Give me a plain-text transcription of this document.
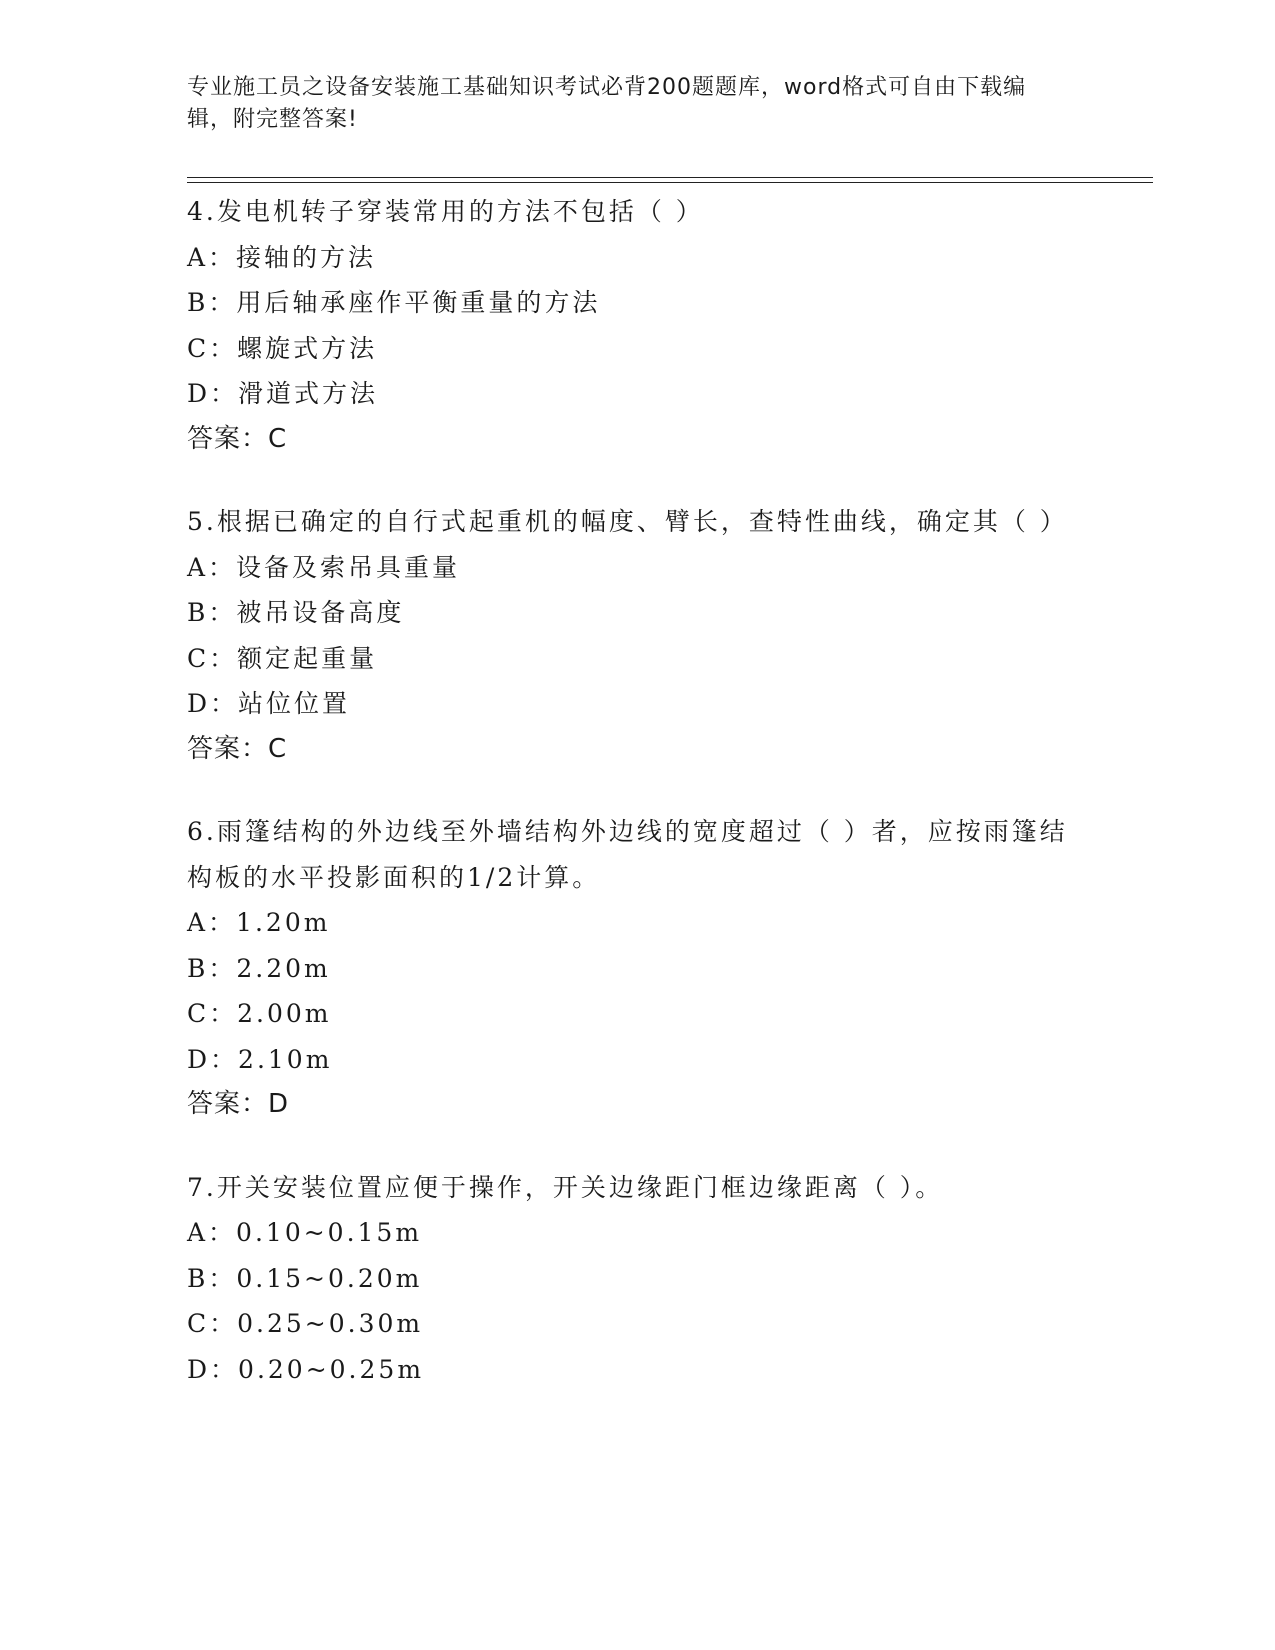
专业施工员之设备安装施工基础知识考试必背200题题库，word格式可自由下载编辑，附完整答案!
4.发电机转子穿装常用的方法不包括（ ）
A：接轴的方法
B：用后轴承座作平衡重量的方法
C：螺旋式方法
D：滑道式方法
答案：C
5.根据已确定的自行式起重机的幅度、臂长，查特性曲线，确定其（ ）
A：设备及索吊具重量
B：被吊设备高度
C：额定起重量
D：站位位置
答案：C
6.雨篷结构的外边线至外墙结构外边线的宽度超过（ ）者，应按雨篷结构板的水平投影面积的1/2计算。
A：1.20m
B：2.20m
C：2.00m
D：2.10m
答案：D
7.开关安装位置应便于操作，开关边缘距门框边缘距离（ ）。
A：0.10~0.15m
B：0.15~0.20m
C：0.25~0.30m
D：0.20~0.25m
